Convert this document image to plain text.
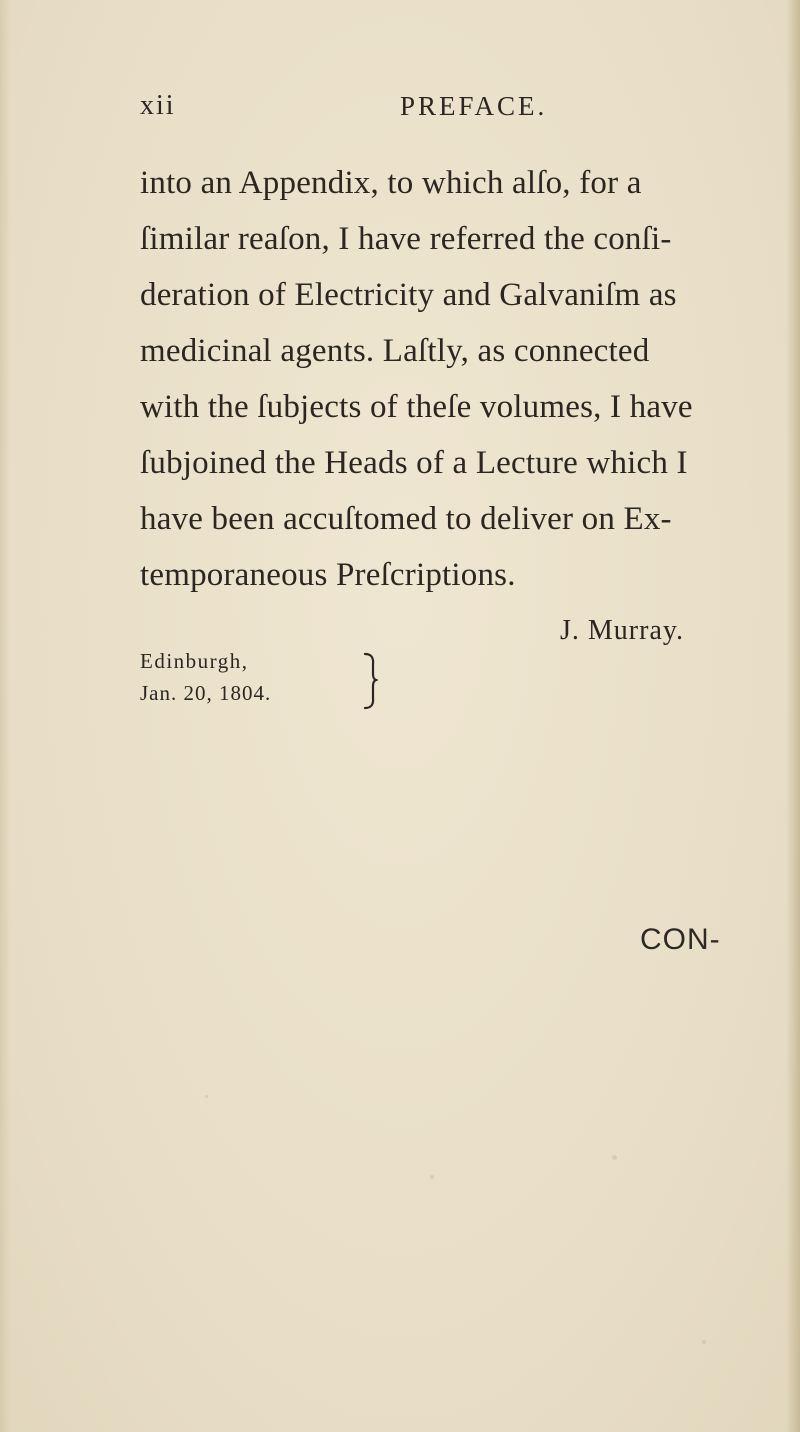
xii	PREFACE.
into an Appendix, to which alſo, for a
ſimilar reaſon, I have referred the conſi-
deration of Electricity and Galvaniſm as
medicinal agents. Laſtly, as connected
with the ſubjects of theſe volumes, I have
ſubjoined the Heads of a Lecture which I
have been accuſtomed to deliver on Ex-
temporaneous Preſcriptions.
J. Murray.
Edinburgh,
Jan. 20, 1804.
CON-
